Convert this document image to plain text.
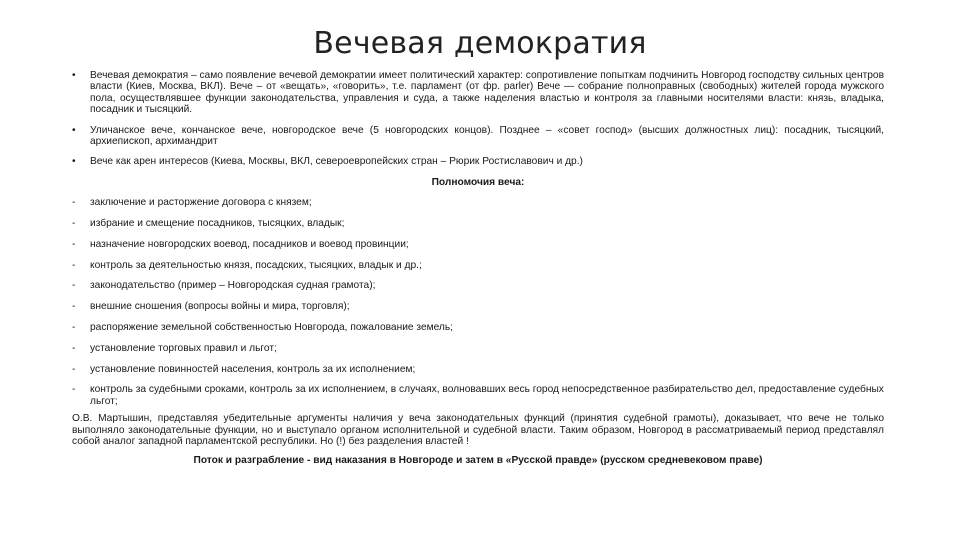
Вечевая демократия
• Вечевая демократия – само появление вечевой демократии имеет политический характер: сопротивление попыткам подчинить Новгород господству сильных центров власти (Киев, Москва, ВКЛ). Вече – от «вещать», «говорить», т.е. парламент (от фр. parler) Вече — собрание полноправных (свободных) жителей города мужского пола, осуществлявшее функции законодательства, управления и суда, а также наделения властью и контроля за главными носителями власти: князь, владыка, посадник и тысяцкий.
• Уличанское вече, кончанское вече, новгородское вече (5 новгородских концов). Позднее – «совет господ» (высших должностных лиц): посадник, тысяцкий, архиепископ, архимандрит
• Вече как арен интересов (Киева, Москвы, ВКЛ, североевропейских стран – Рюрик Ростиславович и др.)
Полномочия веча:
- заключение и расторжение договора с князем;
- избрание и смещение посадников, тысяцких, владык;
- назначение новгородских воевод, посадников и воевод провинции;
- контроль за деятельностью князя, посадских, тысяцких, владык и др.;
- законодательство (пример – Новгородская судная грамота);
- внешние сношения (вопросы войны и мира, торговля);
- распоряжение земельной собственностью Новгорода, пожалование земель;
- установление торговых правил и льгот;
- установление повинностей населения, контроль за их исполнением;
- контроль за судебными сроками, контроль за их исполнением, в случаях, волновавших весь город непосредственное разбирательство дел, предоставление судебных льгот;
О.В. Мартышин, представляя убедительные аргументы наличия у веча законодательных функций (принятия судебной грамоты), доказывает, что вече не только выполняло законодательные функции, но и выступало органом исполнительной и судебной власти. Таким образом, Новгород в рассматриваемый период представлял собой аналог западной парламентской республики. Но (!) без разделения властей !
Поток и разграбление - вид наказания в Новгороде и затем в «Русской правде» (русском средневековом праве)
